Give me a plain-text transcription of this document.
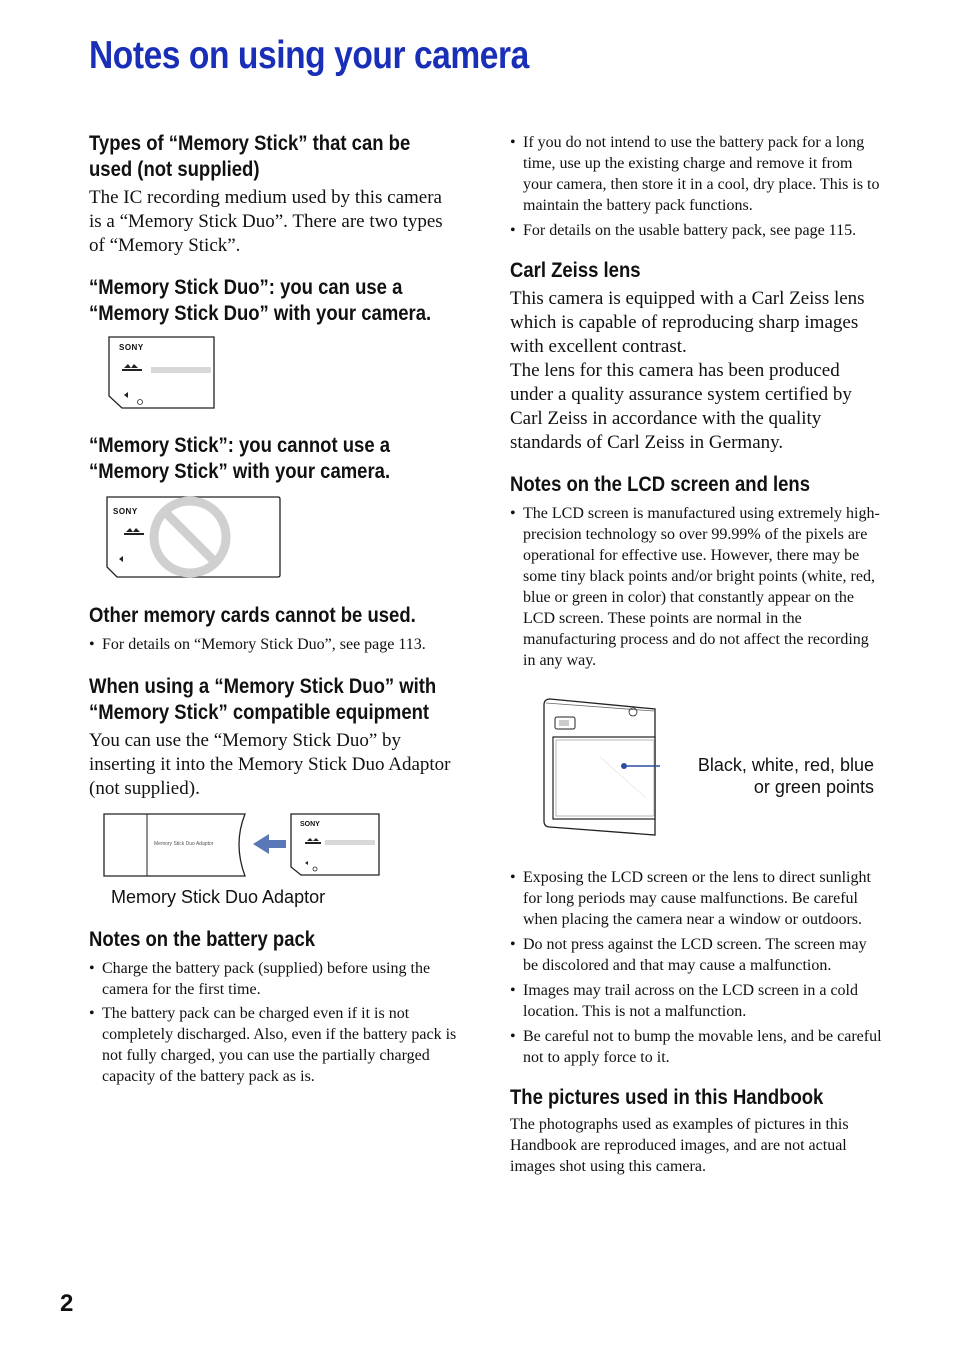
Notes on using your camera
Types of “Memory Stick” that can be used (not supplied)

The IC recording medium used by this camera is a “Memory Stick Duo”. There are two types of “Memory Stick”.

“Memory Stick Duo”: you can use a “Memory Stick Duo” with your camera.
SONY
“Memory Stick”: you cannot use a “Memory Stick” with your camera.
SONY
Other memory cards cannot be used.
• For details on “Memory Stick Duo”, see page 113.
When using a “Memory Stick Duo” with “Memory Stick” compatible equipment

You can use the “Memory Stick Duo” by inserting it into the Memory Stick Duo Adaptor (not supplied).

Memory Stick Duo Adaptor
SONY
Memory Stick Duo Adaptor
Notes on the battery pack
• Charge the battery pack (supplied) before using the camera for the first time.
• The battery pack can be charged even if it is not completely discharged. Also, even if the battery pack is not fully charged, you can use the partially charged capacity of the battery pack as is.
• If you do not intend to use the battery pack for a long time, use up the existing charge and remove it from your camera, then store it in a cool, dry place. This is to maintain the battery pack functions.
• For details on the usable battery pack, see page 115.
Carl Zeiss lens

This camera is equipped with a Carl Zeiss lens which is capable of reproducing sharp images with excellent contrast.

The lens for this camera has been produced under a quality assurance system certified by Carl Zeiss in accordance with the quality standards of Carl Zeiss in Germany.

Notes on the LCD screen and lens
• The LCD screen is manufactured using extremely high-precision technology so over 99.99% of the pixels are operational for effective use. However, there may be some tiny black points and/or bright points (white, red, blue or green in color) that constantly appear on the LCD screen. These points are normal in the manufacturing process and do not affect the recording in any way.
Black, white, red, blue
or green points
• Exposing the LCD screen or the lens to direct sunlight for long periods may cause malfunctions. Be careful when placing the camera near a window or outdoors.
• Do not press against the LCD screen. The screen may be discolored and that may cause a malfunction.
• Images may trail across on the LCD screen in a cold location. This is not a malfunction.
• Be careful not to bump the movable lens, and be careful not to apply force to it.
The pictures used in this Handbook

The photographs used as examples of pictures in this Handbook are reproduced images, and are not actual images shot using this camera.

2
